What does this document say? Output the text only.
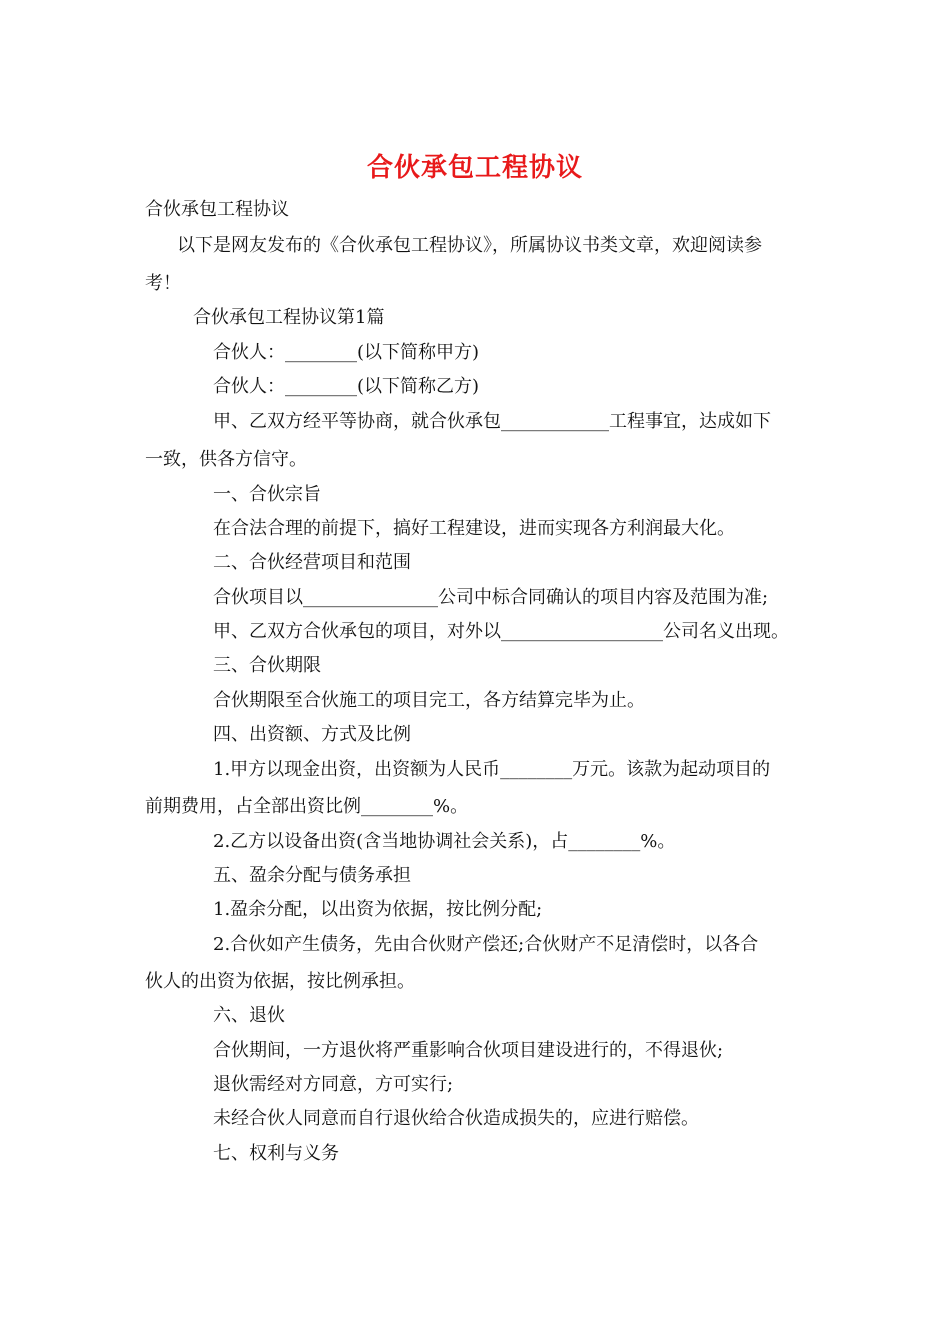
合伙承包工程协议

合伙承包工程协议

以下是网友发布的《合伙承包工程协议》，所属协议书类文章，欢迎阅读参

考！

合伙承包工程协议第1篇

合伙人：________(以下简称甲方)

合伙人：________(以下简称乙方)

甲、乙双方经平等协商，就合伙承包____________工程事宜，达成如下

一致，供各方信守。

一、合伙宗旨

在合法合理的前提下，搞好工程建设，进而实现各方利润最大化。

二、合伙经营项目和范围

合伙项目以_______________公司中标合同确认的项目内容及范围为准;

甲、乙双方合伙承包的项目，对外以__________________公司名义出现。

三、合伙期限

合伙期限至合伙施工的项目完工，各方结算完毕为止。

四、出资额、方式及比例

1.甲方以现金出资，出资额为人民币________万元。该款为起动项目的

前期费用，占全部出资比例________%。

2.乙方以设备出资(含当地协调社会关系)，占________%。

五、盈余分配与债务承担

1.盈余分配，以出资为依据，按比例分配;

2.合伙如产生债务，先由合伙财产偿还;合伙财产不足清偿时，以各合

伙人的出资为依据，按比例承担。

六、退伙

合伙期间，一方退伙将严重影响合伙项目建设进行的，不得退伙;

退伙需经对方同意，方可实行;

未经合伙人同意而自行退伙给合伙造成损失的，应进行赔偿。

七、权利与义务
